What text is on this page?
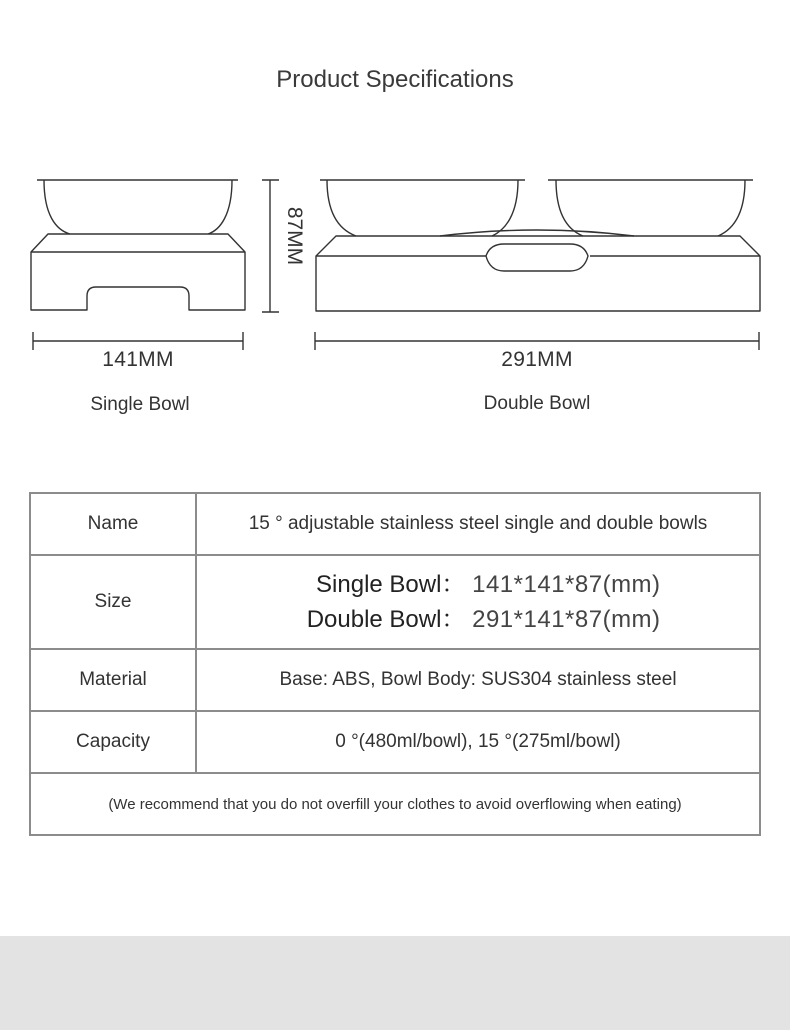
Product Specifications
87MM
141MM	291MM
Single Bowl	Double Bowl
Name	15 ° adjustable stainless steel single and double bowls
Size	Single Bowl： 141*141*87(mm)
Double Bowl： 291*141*87(mm)

Material	Base: ABS, Bowl Body: SUS304 stainless steel
Capacity	0 °(480ml/bowl), 15 °(275ml/bowl)
(We recommend that you do not overfill your clothes to avoid overflowing when eating)	
